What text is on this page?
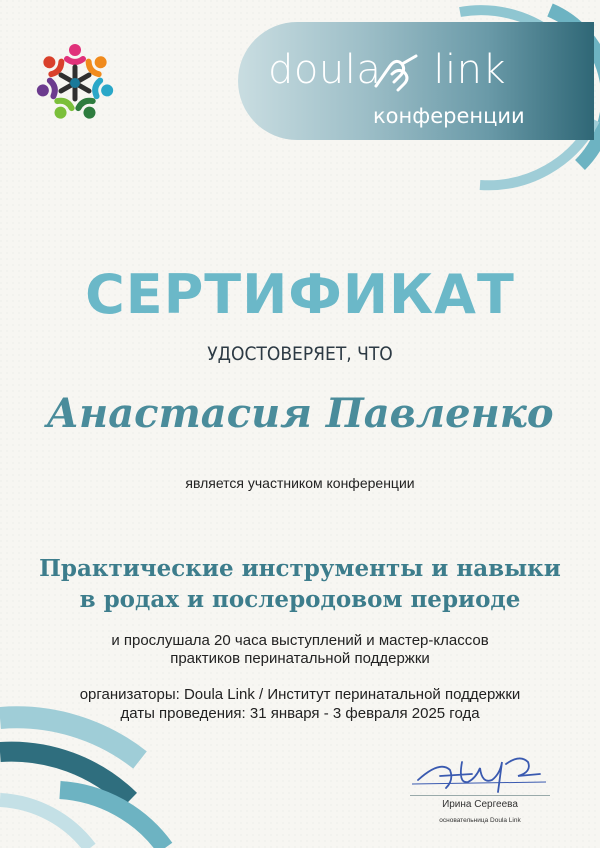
doula link
конференции
СЕРТИФИКАТ
УДОСТОВЕРЯЕТ, ЧТО
Анастасия Павленко
является участником конференции
Практические инструменты и навыки
в родах и послеродовом периоде
и прослушала 20 часа выступлений и мастер-классов
практиков перинатальной поддержки
организаторы: Doula Link / Институт перинатальной поддержки
даты проведения: 31 января - 3 февраля 2025 года
Ирина Сергеева
основательница Doula Link
